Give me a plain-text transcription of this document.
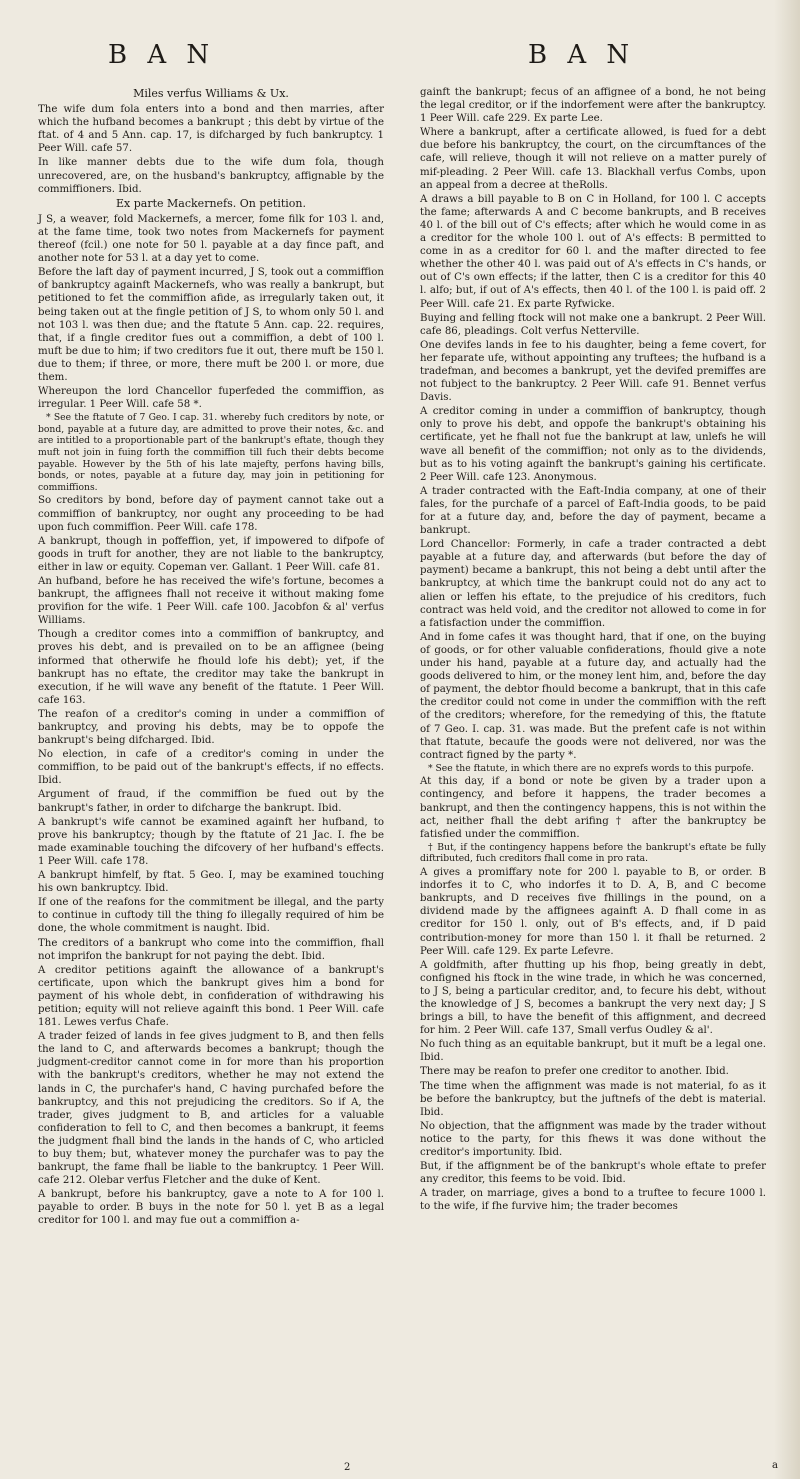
B A N	B A N

Miles verfus Williams & Ux.

The wife dum fola enters into a bond and then marries, after which the hufband becomes a bankrupt ; this debt by virtue of the ftat. of 4 and 5 Ann. cap. 17, is difcharged by fuch bankruptcy. 1 Peer Will. cafe 57.

In like manner debts due to the wife dum fola, though unrecovered, are, on the husband's bankruptcy, affignable by the commiffioners. Ibid.

Ex parte Mackernefs. On petition.

J S, a weaver, fold Mackernefs, a mercer, fome filk for 103 l. and, at the fame time, took two notes from Mackernefs for payment thereof (fcil.) one note for 50 l. payable at a day fince paft, and another note for 53 l. at a day yet to come.

Before the laft day of payment incurred, J S, took out a commiffion of bankruptcy againft Mackernefs, who was really a bankrupt, but petitioned to fet the commiffion afide, as irregularly taken out, it being taken out at the fingle petition of J S, to whom only 50 l. and not 103 l. was then due; and the ftatute 5 Ann. cap. 22. requires, that, if a fingle creditor fues out a commiffion, a debt of 100 l. muft be due to him; if two creditors fue it out, there muft be 150 l. due to them; if three, or more, there muft be 200 l. or more, due them.

Whereupon the lord Chancellor fuperfeded the commiffion, as irregular. 1 Peer Will. cafe 58 *.

* See the ftatute of 7 Geo. I cap. 31. whereby fuch creditors by note, or bond, payable at a future day, are admitted to prove their notes, &c. and are intitled to a proportionable part of the bankrupt's eftate, though they muft not join in fuing forth the commiffion till fuch their debts become payable. However by the 5th of his late majefty, perfons having bills, bonds, or notes, payable at a future day, may join in petitioning for commiffions.

So creditors by bond, before day of payment cannot take out a commiffion of bankruptcy, nor ought any proceeding to be had upon fuch commiffion. Peer Will. cafe 178.

A bankrupt, though in poffeffion, yet, if impowered to difpofe of goods in truft for another, they are not liable to the bankruptcy, either in law or equity. Copeman ver. Gallant. 1 Peer Will. cafe 81.

An hufband, before he has received the wife's fortune, becomes a bankrupt, the affignees fhall not receive it without making fome provifion for the wife. 1 Peer Will. cafe 100. Jacobfon & al' verfus Williams.

Though a creditor comes into a commiffion of bankruptcy, and proves his debt, and is prevailed on to be an affignee (being informed that otherwife he fhould lofe his debt); yet, if the bankrupt has no eftate, the creditor may take the bankrupt in execution, if he will wave any benefit of the ftatute. 1 Peer Will. cafe 163.

The reafon of a creditor's coming in under a commiffion of bankruptcy, and proving his debts, may be to oppofe the bankrupt's being difcharged. Ibid.

No election, in cafe of a creditor's coming in under the commiffion, to be paid out of the bankrupt's effects, if no effects. Ibid.

Argument of fraud, if the commiffion be fued out by the bankrupt's father, in order to difcharge the bankrupt. Ibid.

A bankrupt's wife cannot be examined againft her hufband, to prove his bankruptcy; though by the ftatute of 21 Jac. I. fhe be made examinable touching the difcovery of her hufband's effects. 1 Peer Will. cafe 178.

A bankrupt himfelf, by ftat. 5 Geo. I, may be examined touching his own bankruptcy. Ibid.

If one of the reafons for the commitment be illegal, and the party to continue in cuftody till the thing fo illegally required of him be done, the whole commitment is naught. Ibid.

The creditors of a bankrupt who come into the commiffion, fhall not imprifon the bankrupt for not paying the debt. Ibid.

A creditor petitions againft the allowance of a bankrupt's certificate, upon which the bankrupt gives him a bond for payment of his whole debt, in confideration of withdrawing his petition; equity will not relieve againft this bond. 1 Peer Will. cafe 181. Lewes verfus Chafe.

A trader feized of lands in fee gives judgment to B, and then fells the land to C, and afterwards becomes a bankrupt; though the judgment-creditor cannot come in for more than his proportion with the bankrupt's creditors, whether he may not extend the lands in C, the purchafer's hand, C having purchafed before the bankruptcy, and this not prejudicing the creditors. So if A, the trader, gives judgment to B, and articles for a valuable confideration to fell to C, and then becomes a bankrupt, it feems the judgment fhall bind the lands in the hands of C, who articled to buy them; but, whatever money the purchafer was to pay the bankrupt, the fame fhall be liable to the bankruptcy. 1 Peer Will. cafe 212. Olebar verfus Fletcher and the duke of Kent.

A bankrupt, before his bankruptcy, gave a note to A for 100 l. payable to order. B buys in the note for 50 l. yet B as a legal creditor for 100 l. and may fue out a commiffion a-

gainft the bankrupt; fecus of an affignee of a bond, he not being the legal creditor, or if the indorfement were after the bankruptcy. 1 Peer Will. cafe 229. Ex parte Lee.

Where a bankrupt, after a certificate allowed, is fued for a debt due before his bankruptcy, the court, on the circumftances of the cafe, will relieve, though it will not relieve on a matter purely of mif-pleading. 2 Peer Will. cafe 13. Blackhall verfus Combs, upon an appeal from a decree at theRolls.

A draws a bill payable to B on C in Holland, for 100 l. C accepts the fame; afterwards A and C become bankrupts, and B receives 40 l. of the bill out of C's effects; after which he would come in as a creditor for the whole 100 l. out of A's effects: B permitted to come in as a creditor for 60 l. and the mafter directed to fee whether the other 40 l. was paid out of A's effects in C's hands, or out of C's own effects; if the latter, then C is a creditor for this 40 l. alfo; but, if out of A's effects, then 40 l. of the 100 l. is paid off. 2 Peer Will. cafe 21. Ex parte Ryfwicke.

Buying and felling ftock will not make one a bankrupt. 2 Peer Will. cafe 86, pleadings. Colt verfus Netterville.

One devifes lands in fee to his daughter, being a feme covert, for her feparate ufe, without appointing any truftees; the hufband is a tradefman, and becomes a bankrupt, yet the devifed premiffes are not fubject to the bankruptcy. 2 Peer Will. cafe 91. Bennet verfus Davis.

A creditor coming in under a commiffion of bankruptcy, though only to prove his debt, and oppofe the bankrupt's obtaining his certificate, yet he fhall not fue the bankrupt at law, unlefs he will wave all benefit of the commiffion; not only as to the dividends, but as to his voting againft the bankrupt's gaining his certificate. 2 Peer Will. cafe 123. Anonymous.

A trader contracted with the Eaft-India company, at one of their fales, for the purchafe of a parcel of Eaft-India goods, to be paid for at a future day, and, before the day of payment, became a bankrupt.

Lord Chancellor: Formerly, in cafe a trader contracted a debt payable at a future day, and afterwards (but before the day of payment) became a bankrupt, this not being a debt until after the bankruptcy, at which time the bankrupt could not do any act to alien or leffen his eftate, to the prejudice of his creditors, fuch contract was held void, and the creditor not allowed to come in for a fatisfaction under the commiffion.

And in fome cafes it was thought hard, that if one, on the buying of goods, or for other valuable confiderations, fhould give a note under his hand, payable at a future day, and actually had the goods delivered to him, or the money lent him, and, before the day of payment, the debtor fhould become a bankrupt, that in this cafe the creditor could not come in under the commiffion with the reft of the creditors; wherefore, for the remedying of this, the ftatute of 7 Geo. I. cap. 31. was made. But the prefent cafe is not within that ftatute, becaufe the goods were not delivered, nor was the contract figned by the party *.

* See the ftatute, in which there are no exprefs words to this purpofe.

At this day, if a bond or note be given by a trader upon a contingency, and before it happens, the trader becomes a bankrupt, and then the contingency happens, this is not within the act, neither fhall the debt arifing † after the bankruptcy be fatisfied under the commiffion.

† But, if the contingency happens before the bankrupt's eftate be fully diftributed, fuch creditors fhall come in pro rata.

A gives a promiffary note for 200 l. payable to B, or order. B indorfes it to C, who indorfes it to D. A, B, and C become bankrupts, and D receives five fhillings in the pound, on a dividend made by the affignees againft A. D fhall come in as creditor for 150 l. only, out of B's effects, and, if D paid contribution-money for more than 150 l. it fhall be returned. 2 Peer Will. cafe 129. Ex parte Lefevre.

A goldfmith, after fhutting up his fhop, being greatly in debt, configned his ftock in the wine trade, in which he was concerned, to J S, being a particular creditor, and, to fecure his debt, without the knowledge of J S, becomes a bankrupt the very next day; J S brings a bill, to have the benefit of this affignment, and decreed for him. 2 Peer Will. cafe 137, Small verfus Oudley & al'.

No fuch thing as an equitable bankrupt, but it muft be a legal one. Ibid.

There may be reafon to prefer one creditor to another. Ibid.

The time when the affignment was made is not material, fo as it be before the bankruptcy, but the juftnefs of the debt is material. Ibid.

No objection, that the affignment was made by the trader without notice to the party, for this fhews it was done without the creditor's importunity. Ibid.

But, if the affignment be of the bankrupt's whole eftate to prefer any creditor, this feems to be void. Ibid.

A trader, on marriage, gives a bond to a truftee to fecure 1000 l. to the wife, if fhe furvive him; the trader becomes

2	a
